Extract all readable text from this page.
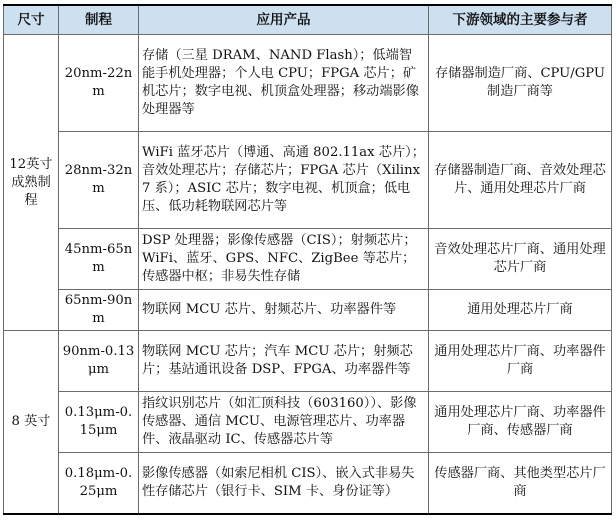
尺寸	制程	应用产品	下游领域的主要参与者
12英寸成熟制程	20nm-22nm	存储（三星 DRAM、NAND Flash）；低端智能手机处理器；个人电 CPU；FPGA 芯片；矿机芯片；数字电视、机顶盒处理器；移动端影像处理器等	存储器制造厂商、CPU/GPU 制造厂商等
	28nm-32nm	WiFi 蓝牙芯片（博通、高通 802.11ax 芯片）；音效处理芯片；存储芯片；FPGA 芯片（Xilinx 7 系）；ASIC 芯片；数字电视、机顶盒；低电压、低功耗物联网芯片等	存储器制造厂商、音效处理芯片、通用处理芯片厂商
	45nm-65nm	DSP 处理器；影像传感器（CIS）；射频芯片；WiFi、蓝牙、GPS、NFC、ZigBee 等芯片；传感器中枢；非易失性存储	音效处理芯片厂商、通用处理芯片厂商
	65nm-90nm	物联网 MCU 芯片、射频芯片、功率器件等	通用处理芯片厂商
8 英寸	90nm-0.13μm	物联网 MCU 芯片；汽车 MCU 芯片；射频芯片；基站通讯设备 DSP、FPGA、功率器件等	通用处理芯片厂商、功率器件厂商
	0.13μm-0.15μm	指纹识别芯片（如汇顶科技（603160））、影像传感器、通信 MCU、电源管理芯片、功率器件、液晶驱动 IC、传感器芯片等	通用处理芯片厂商、功率器件厂商、传感器厂商
	0.18μm-0.25μm	影像传感器（如索尼相机 CIS）、嵌入式非易失性存储芯片（银行卡、SIM 卡、身份证等）	传感器厂商、其他类型芯片厂商
